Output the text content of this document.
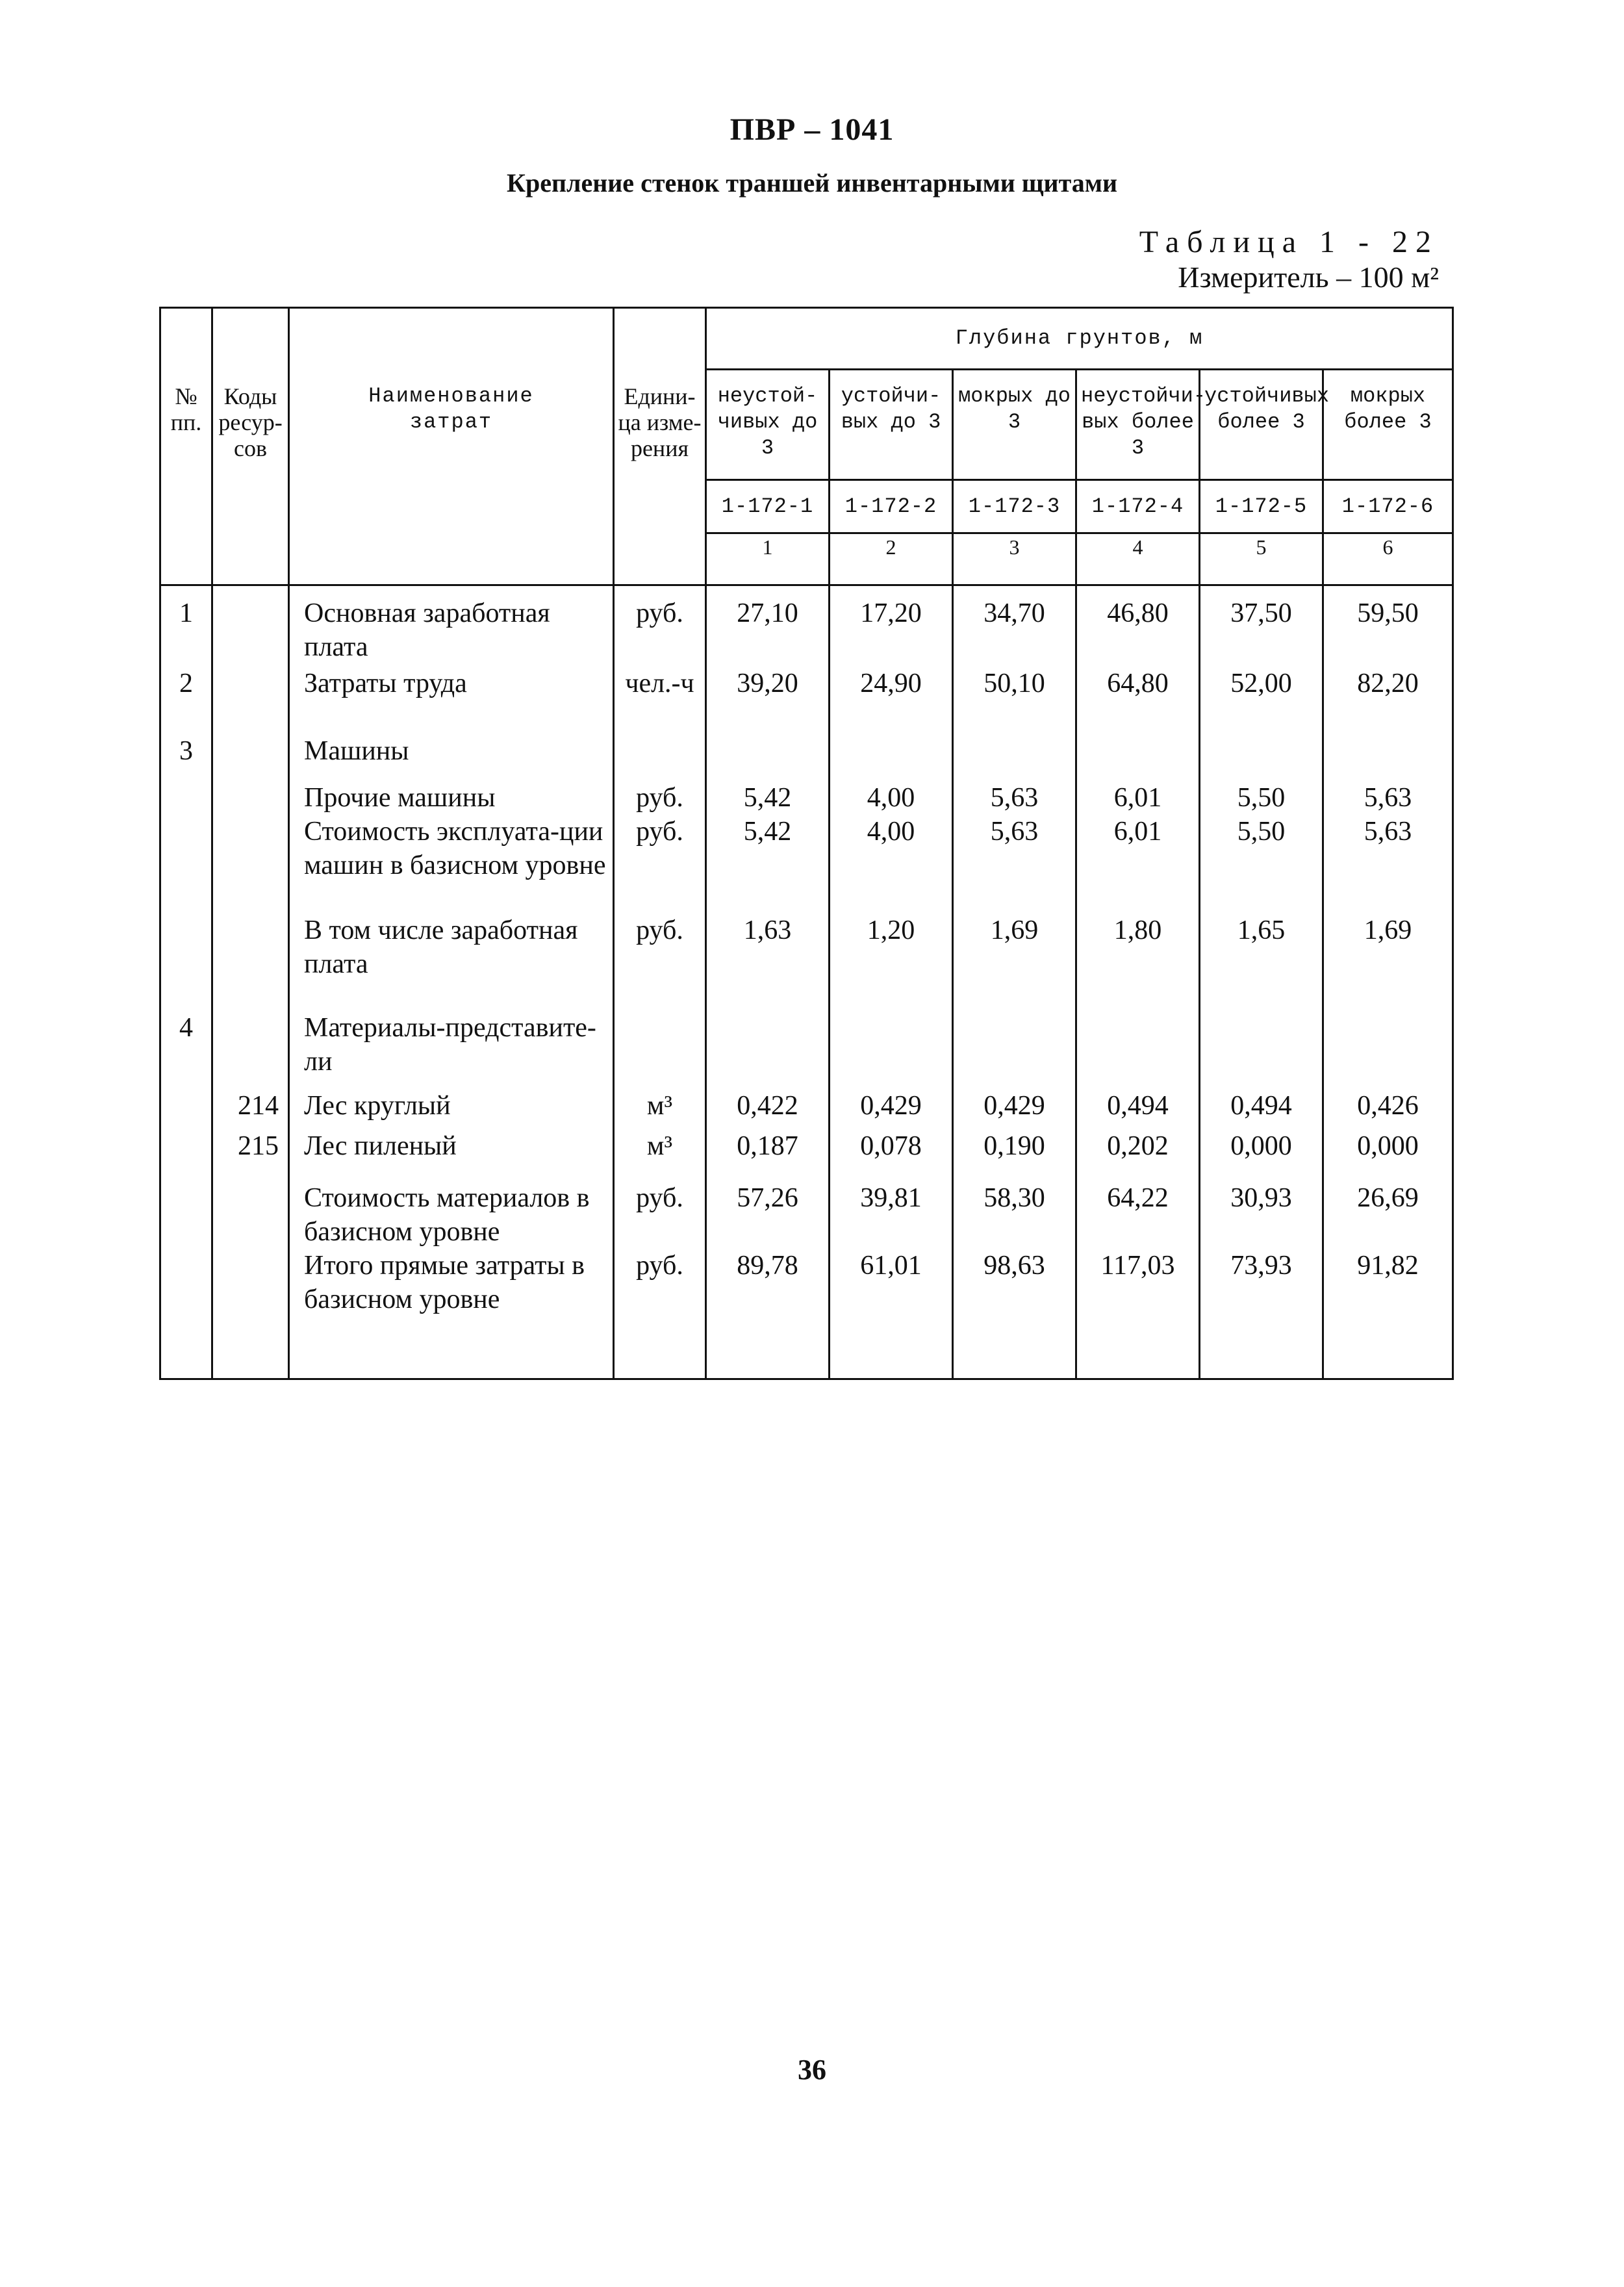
ПВР – 1041
Крепление стенок траншей инвентарными щитами
Таблица 1 - 22
Измеритель – 100 м²
№ пп.	Коды ресур-сов	Наименование затрат	Едини-ца изме-рения	Глубина грунтов, м					
				неустой-чивых до 3	устойчи-вых до 3	мокрых до 3	неустойчи-вых более 3	устойчивых более 3	мокрых более 3
				1-172-1	1-172-2	1-172-3	1-172-4	1-172-5	1-172-6
				1	2	3	4	5	6
1		Основная заработная плата	руб.	27,10	17,20	34,70	46,80	37,50	59,50
2		Затраты труда	чел.-ч	39,20	24,90	50,10	64,80	52,00	82,20
3		Машины							
		Прочие машины	руб.	5,42	4,00	5,63	6,01	5,50	5,63
		Стоимость эксплуата-ции машин в базисном уровне	руб.	5,42	4,00	5,63	6,01	5,50	5,63
		В том числе заработная плата	руб.	1,63	1,20	1,69	1,80	1,65	1,69
4		Материалы-представите-ли							
	214	Лес круглый	м³	0,422	0,429	0,429	0,494	0,494	0,426
	215	Лес пиленый	м³	0,187	0,078	0,190	0,202	0,000	0,000
		Стоимость материалов в базисном уровне	руб.	57,26	39,81	58,30	64,22	30,93	26,69
		Итого прямые затраты в базисном уровне	руб.	89,78	61,01	98,63	117,03	73,93	91,82
36
